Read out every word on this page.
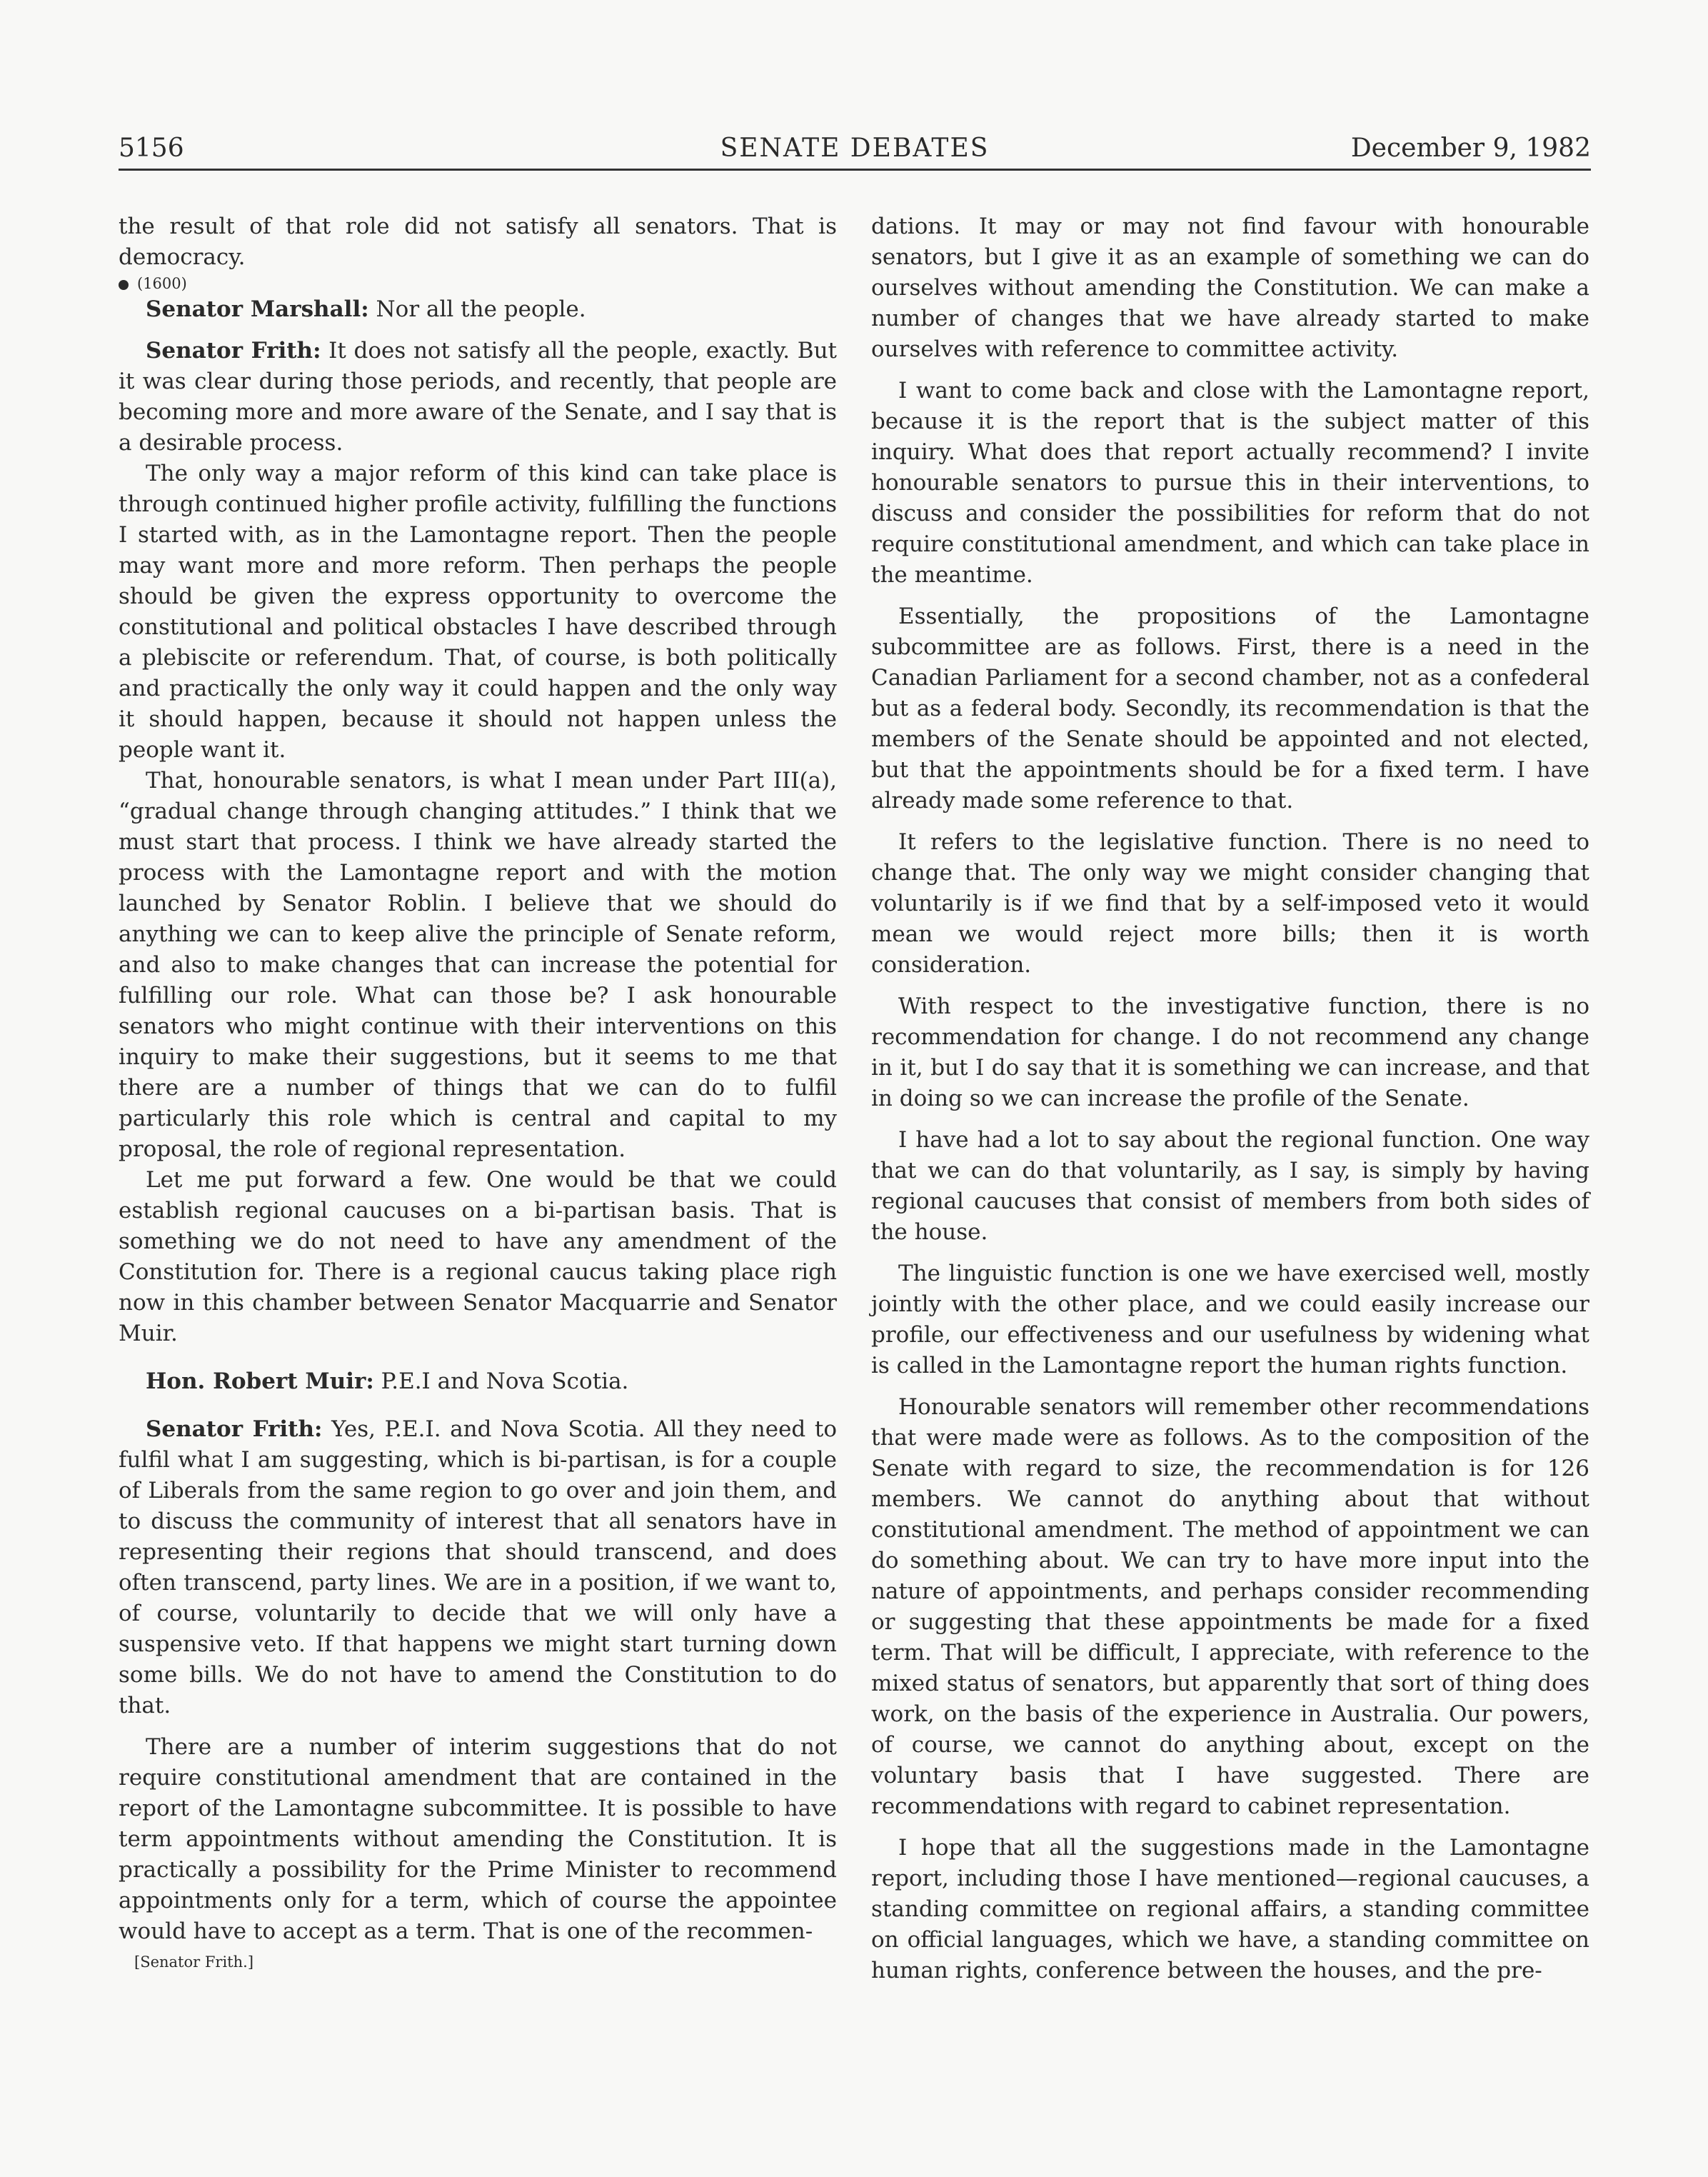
5156	SENATE DEBATES	December 9, 1982

the result of that role did not satisfy all senators. That is democracy.

(1600)

Senator Marshall: Nor all the people.

Senator Frith: It does not satisfy all the people, exactly. But it was clear during those periods, and recently, that people are becoming more and more aware of the Senate, and I say that is a desirable process.

The only way a major reform of this kind can take place is through continued higher profile activity, fulfilling the functions I started with, as in the Lamontagne report. Then the people may want more and more reform. Then perhaps the people should be given the express opportunity to overcome the constitutional and political obstacles I have described through a plebiscite or referendum. That, of course, is both politically and practically the only way it could happen and the only way it should happen, because it should not happen unless the people want it.

That, honourable senators, is what I mean under Part III(a), “gradual change through changing attitudes.” I think that we must start that process. I think we have already started the process with the Lamontagne report and with the motion launched by Senator Roblin. I believe that we should do anything we can to keep alive the principle of Senate reform, and also to make changes that can increase the potential for fulfilling our role. What can those be? I ask honourable senators who might continue with their interventions on this inquiry to make their suggestions, but it seems to me that there are a number of things that we can do to fulfil particularly this role which is central and capital to my proposal, the role of regional representation.

Let me put forward a few. One would be that we could establish regional caucuses on a bi-partisan basis. That is something we do not need to have any amendment of the Constitution for. There is a regional caucus taking place righ now in this chamber between Senator Macquarrie and Senator Muir.

Hon. Robert Muir: P.E.I and Nova Scotia.

Senator Frith: Yes, P.E.I. and Nova Scotia. All they need to fulfil what I am suggesting, which is bi-partisan, is for a couple of Liberals from the same region to go over and join them, and to discuss the community of interest that all senators have in representing their regions that should transcend, and does often transcend, party lines. We are in a position, if we want to, of course, voluntarily to decide that we will only have a suspensive veto. If that happens we might start turning down some bills. We do not have to amend the Constitution to do that.

There are a number of interim suggestions that do not require constitutional amendment that are contained in the report of the Lamontagne subcommittee. It is possible to have term appointments without amending the Constitution. It is practically a possibility for the Prime Minister to recommend appointments only for a term, which of course the appointee would have to accept as a term. That is one of the recommen-

[Senator Frith.]

dations. It may or may not find favour with honourable senators, but I give it as an example of something we can do ourselves without amending the Constitution. We can make a number of changes that we have already started to make ourselves with reference to committee activity.

I want to come back and close with the Lamontagne report, because it is the report that is the subject matter of this inquiry. What does that report actually recommend? I invite honourable senators to pursue this in their interventions, to discuss and consider the possibilities for reform that do not require constitutional amendment, and which can take place in the meantime.

Essentially, the propositions of the Lamontagne subcommittee are as follows. First, there is a need in the Canadian Parliament for a second chamber, not as a confederal but as a federal body. Secondly, its recommendation is that the members of the Senate should be appointed and not elected, but that the appointments should be for a fixed term. I have already made some reference to that.

It refers to the legislative function. There is no need to change that. The only way we might consider changing that voluntarily is if we find that by a self-imposed veto it would mean we would reject more bills; then it is worth consideration.

With respect to the investigative function, there is no recommendation for change. I do not recommend any change in it, but I do say that it is something we can increase, and that in doing so we can increase the profile of the Senate.

I have had a lot to say about the regional function. One way that we can do that voluntarily, as I say, is simply by having regional caucuses that consist of members from both sides of the house.

The linguistic function is one we have exercised well, mostly jointly with the other place, and we could easily increase our profile, our effectiveness and our usefulness by widening what is called in the Lamontagne report the human rights function.

Honourable senators will remember other recommendations that were made were as follows. As to the composition of the Senate with regard to size, the recommendation is for 126 members. We cannot do anything about that without constitutional amendment. The method of appointment we can do something about. We can try to have more input into the nature of appointments, and perhaps consider recommending or suggesting that these appointments be made for a fixed term. That will be difficult, I appreciate, with reference to the mixed status of senators, but apparently that sort of thing does work, on the basis of the experience in Australia. Our powers, of course, we cannot do anything about, except on the voluntary basis that I have suggested. There are recommendations with regard to cabinet representation.

I hope that all the suggestions made in the Lamontagne report, including those I have mentioned—regional caucuses, a standing committee on regional affairs, a standing committee on official languages, which we have, a standing committee on human rights, conference between the houses, and the pre-
